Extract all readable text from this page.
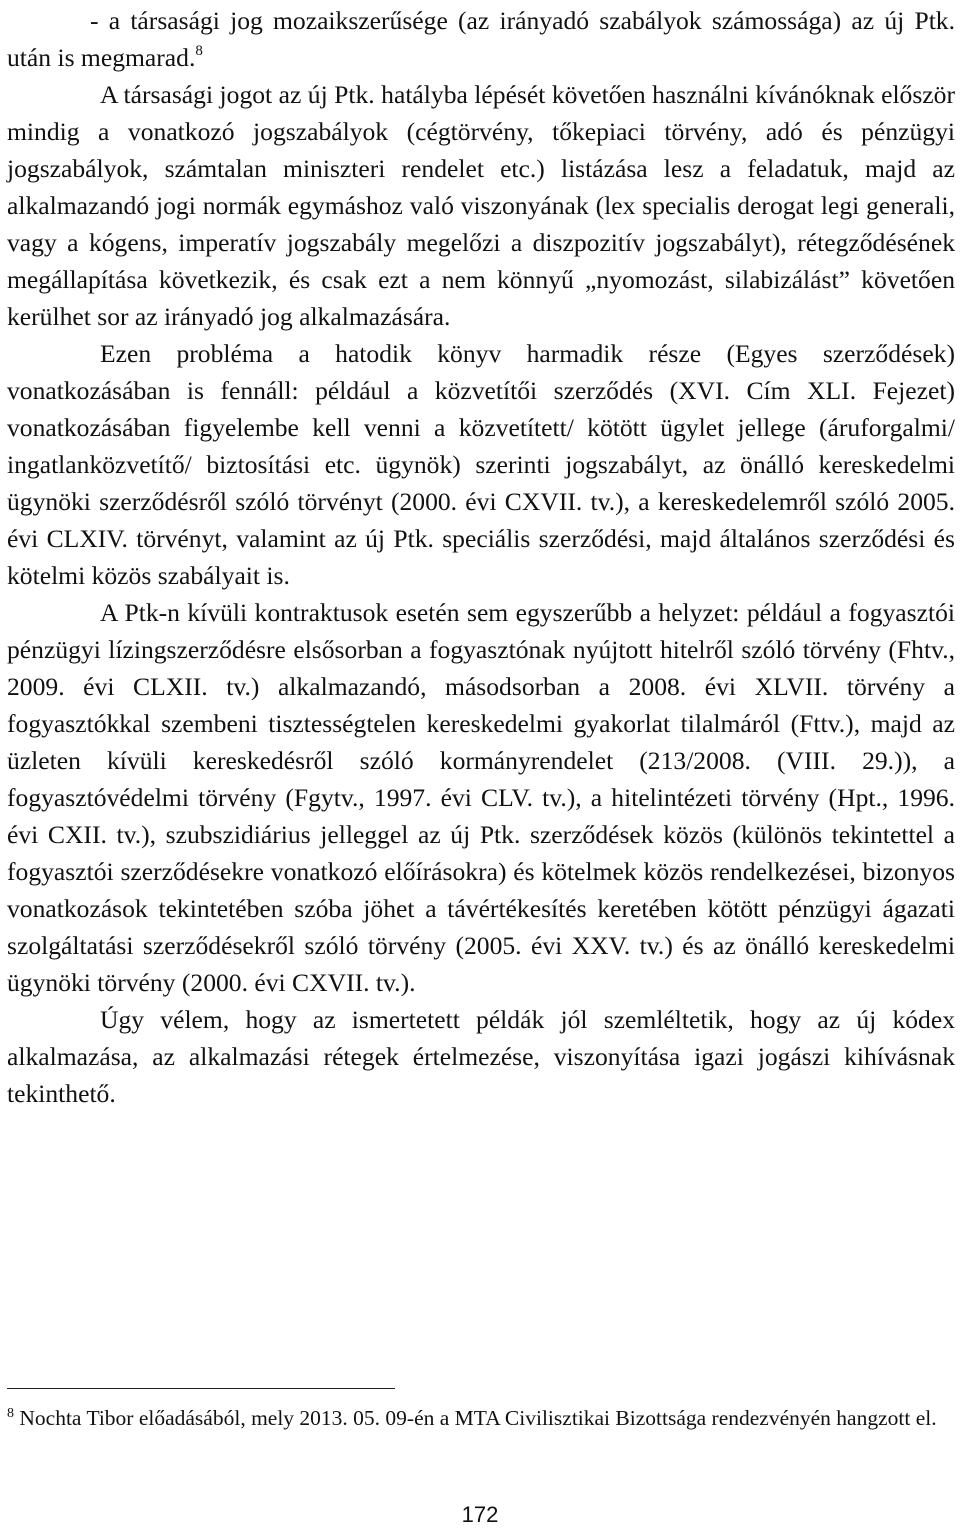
- a társasági jog mozaikszerűsége (az irányadó szabályok számossága) az új Ptk. után is megmarad.$^8$

A társasági jogot az új Ptk. hatályba lépését követően használni kívánóknak először mindig a vonatkozó jogszabályok (cégtörvény, tőkepiaci törvény, adó és pénzügyi jogszabályok, számtalan miniszteri rendelet etc.) listázása lesz a feladatuk, majd az alkalmazandó jogi normák egymáshoz való viszonyának (lex specialis derogat legi generali, vagy a kógens, imperatív jogszabály megelőzi a diszpozitív jogszabályt), rétegződésének megállapítása következik, és csak ezt a nem könnyű „nyomozást, silabizálást” követően kerülhet sor az irányadó jog alkalmazására.

Ezen probléma a hatodik könyv harmadik része (Egyes szerződések) vonatkozásában is fennáll: például a közvetítői szerződés (XVI. Cím XLI. Fejezet) vonatkozásában figyelembe kell venni a közvetített/ kötött ügylet jellege (áruforgalmi/ ingatlanközvetítő/ biztosítási etc. ügynök) szerinti jogszabályt, az önálló kereskedelmi ügynöki szerződésről szóló törvényt (2000. évi CXVII. tv.), a kereskedelemről szóló 2005. évi CLXIV. törvényt, valamint az új Ptk. speciális szerződési, majd általános szerződési és kötelmi közös szabályait is.

A Ptk-n kívüli kontraktusok esetén sem egyszerűbb a helyzet: például a fogyasztói pénzügyi lízingszerződésre elsősorban a fogyasztónak nyújtott hitelről szóló törvény (Fhtv., 2009. évi CLXII. tv.) alkalmazandó, másodsorban a 2008. évi XLVII. törvény a fogyasztókkal szembeni tisztességtelen kereskedelmi gyakorlat tilalmáról (Fttv.), majd az üzleten kívüli kereskedésről szóló kormányrendelet (213/2008. (VIII. 29.)), a fogyasztóvédelmi törvény (Fgytv., 1997. évi CLV. tv.), a hitelintézeti törvény (Hpt., 1996. évi CXII. tv.), szubszidiárius jelleggel az új Ptk. szerződések közös (különös tekintettel a fogyasztói szerződésekre vonatkozó előírásokra) és kötelmek közös rendelkezései, bizonyos vonatkozások tekintetében szóba jöhet a távértékesítés keretében kötött pénzügyi ágazati szolgáltatási szerződésekről szóló törvény (2005. évi XXV. tv.) és az önálló kereskedelmi ügynöki törvény (2000. évi CXVII. tv.).

Úgy vélem, hogy az ismertetett példák jól szemléltetik, hogy az új kódex alkalmazása, az alkalmazási rétegek értelmezése, viszonyítása igazi jogászi kihívásnak tekinthető.

$^8$ Nochta Tibor előadásából, mely 2013. 05. 09-én a MTA Civilisztikai Bizottsága rendezvényén hangzott el.

172
